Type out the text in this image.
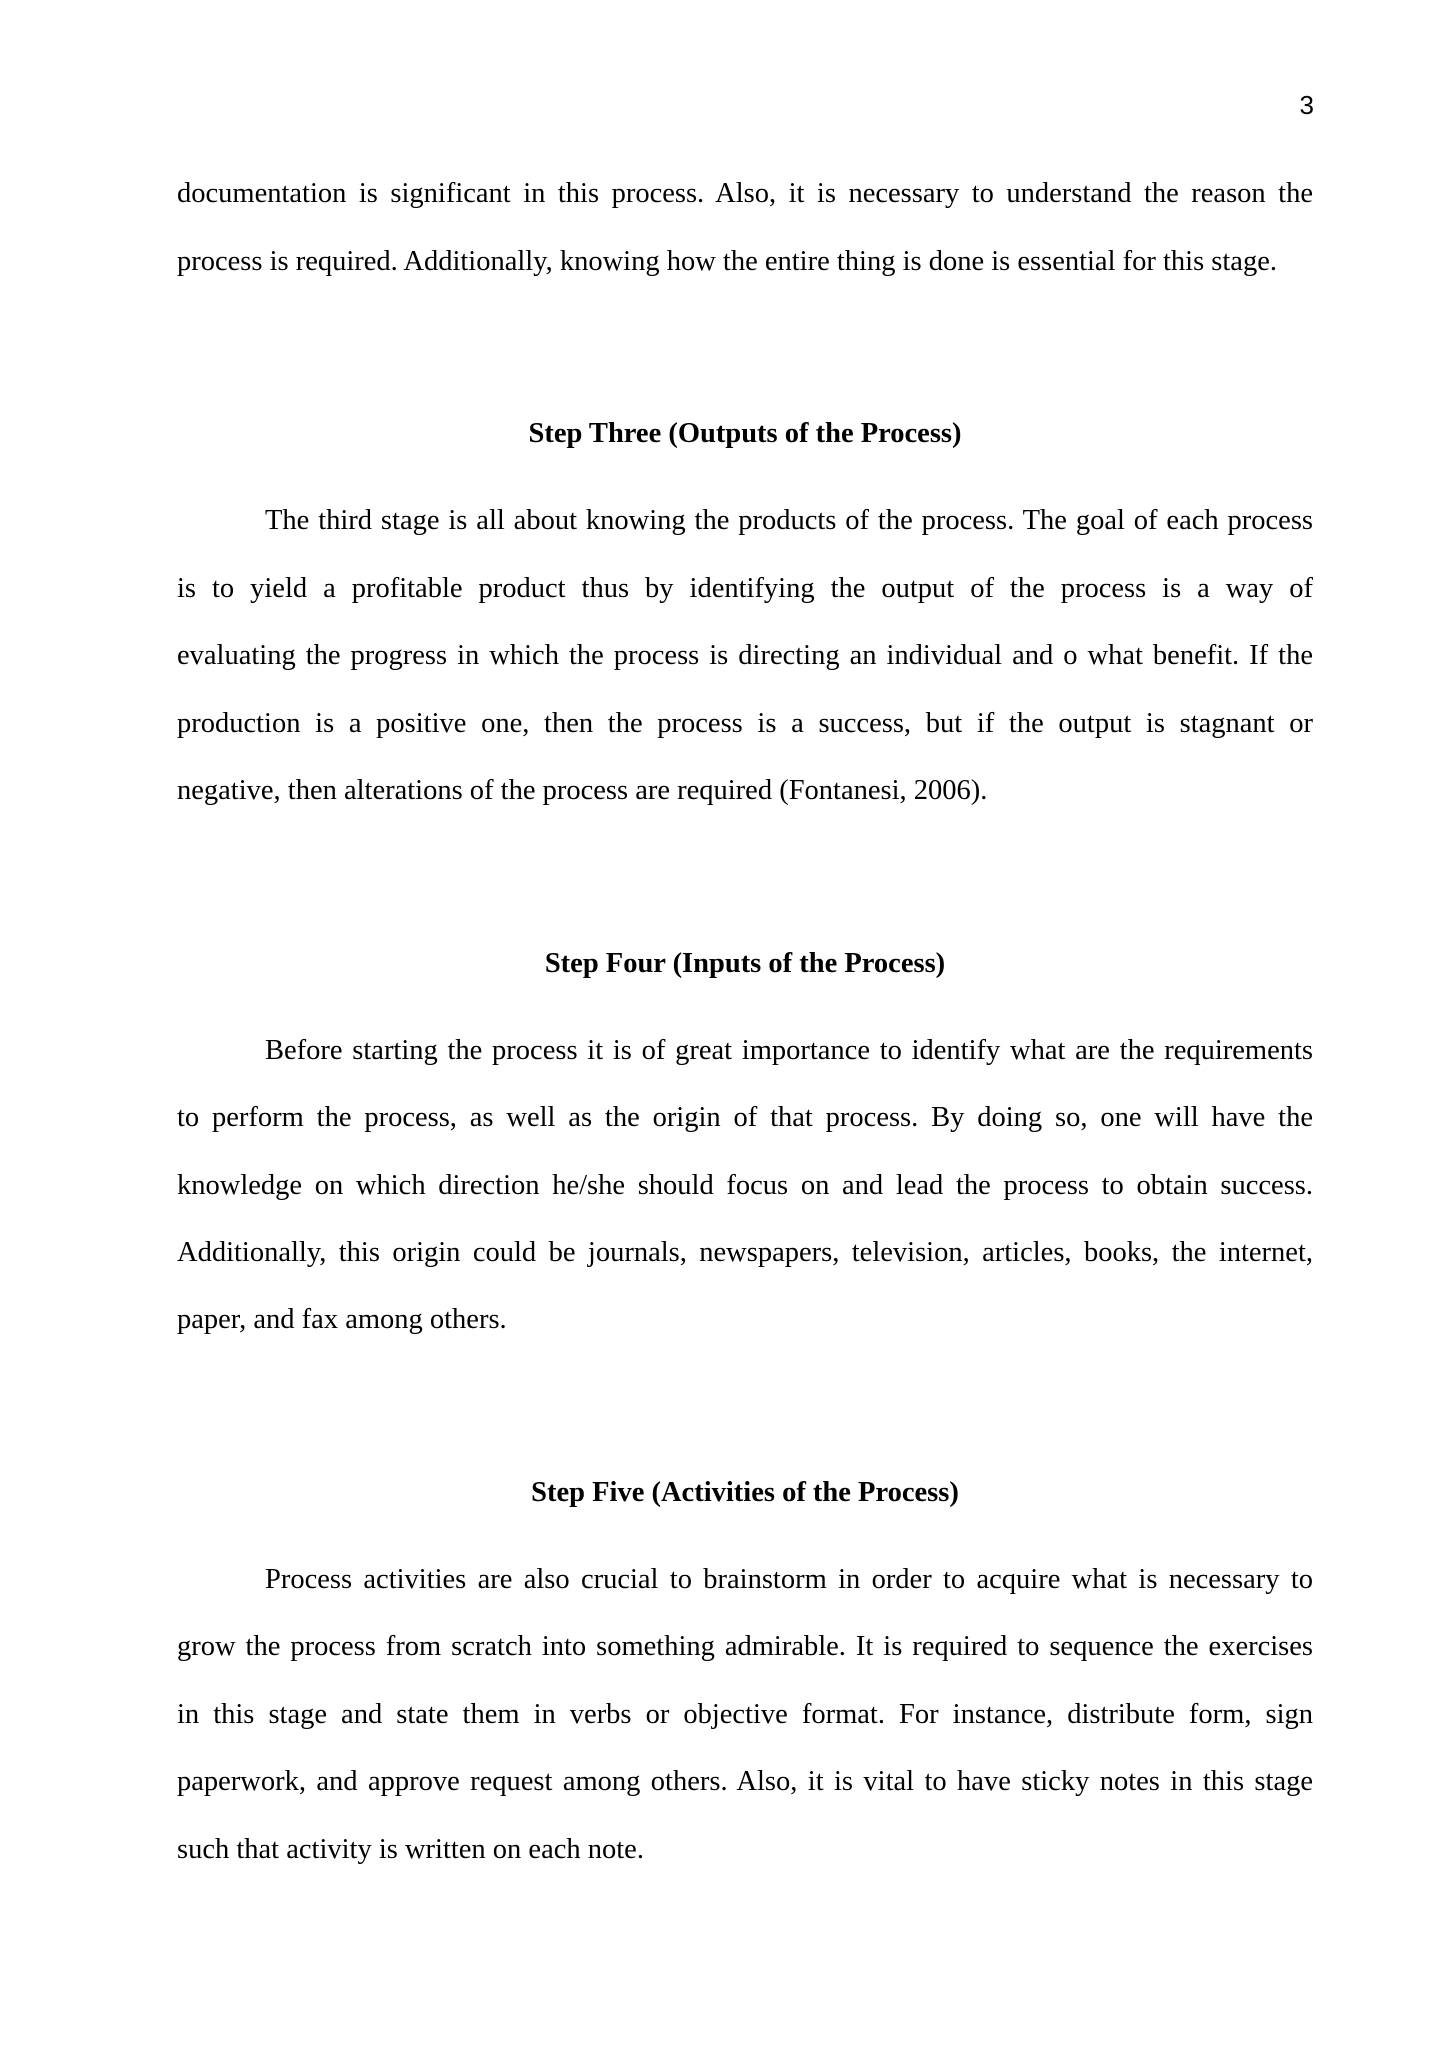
3
documentation is significant in this process. Also, it is necessary to understand the reason the
process is required. Additionally, knowing how the entire thing is done is essential for this stage.
Step Three (Outputs of the Process)
The third stage is all about knowing the products of the process. The goal of each process
is to yield a profitable product thus by identifying the output of the process is a way of
evaluating the progress in which the process is directing an individual and o what benefit. If the
production is a positive one, then the process is a success, but if the output is stagnant or
negative, then alterations of the process are required (Fontanesi, 2006).
Step Four (Inputs of the Process)
Before starting the process it is of great importance to identify what are the requirements
to perform the process, as well as the origin of that process. By doing so, one will have the
knowledge on which direction he/she should focus on and lead the process to obtain success.
Additionally, this origin could be journals, newspapers, television, articles, books, the internet,
paper, and fax among others.
Step Five (Activities of the Process)
Process activities are also crucial to brainstorm in order to acquire what is necessary to
grow the process from scratch into something admirable. It is required to sequence the exercises
in this stage and state them in verbs or objective format. For instance, distribute form, sign
paperwork, and approve request among others. Also, it is vital to have sticky notes in this stage
such that activity is written on each note.
